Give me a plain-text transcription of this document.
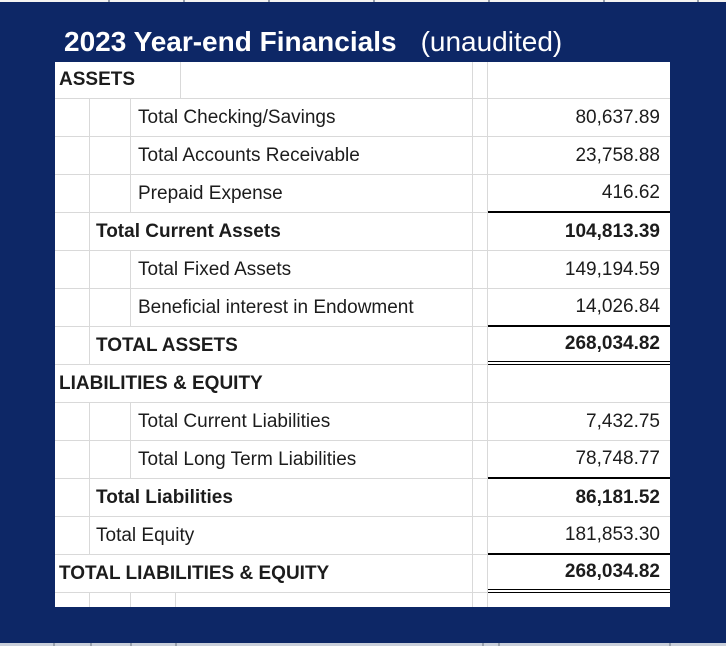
2023 Year-end Financials (unaudited)
ASSETS
Total Checking/Savings	80,637.89
Total Accounts Receivable	23,758.88
Prepaid Expense	416.62
Total Current Assets	104,813.39
Total Fixed Assets	149,194.59
Beneficial interest in Endowment	14,026.84
TOTAL ASSETS	268,034.82
LIABILITIES & EQUITY
Total Current Liabilities	7,432.75
Total Long Term Liabilities	78,748.77
Total Liabilities	86,181.52
Total Equity	181,853.30
TOTAL LIABILITIES & EQUITY	268,034.82
